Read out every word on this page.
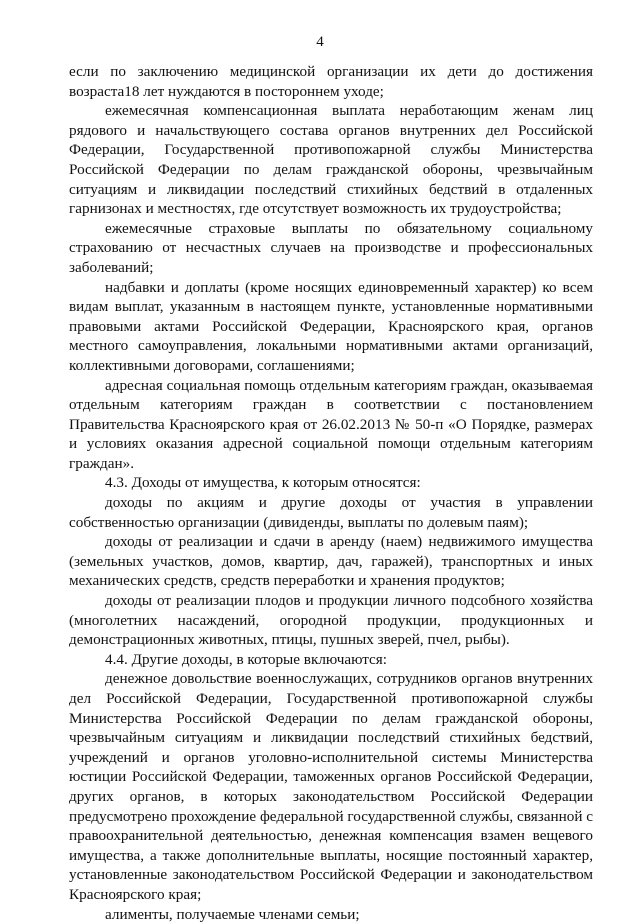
4

если по заключению медицинской организации их дети до достижения возраста18 лет нуждаются в постороннем уходе;

ежемесячная компенсационная выплата неработающим женам лиц рядового и начальствующего состава органов внутренних дел Российской Федерации, Государственной противопожарной службы Министерства Российской Федерации по делам гражданской обороны, чрезвычайным ситуациям и ликвидации последствий стихийных бедствий в отдаленных гарнизонах и местностях, где отсутствует возможность их трудоустройства;

ежемесячные страховые выплаты по обязательному социальному страхованию от несчастных случаев на производстве и профессиональных заболеваний;

надбавки и доплаты (кроме носящих единовременный характер) ко всем видам выплат, указанным в настоящем пункте, установленные нормативными правовыми актами Российской Федерации, Красноярского края, органов местного самоуправления, локальными нормативными актами организаций, коллективными договорами, соглашениями;

адресная социальная помощь отдельным категориям граждан, оказываемая отдельным категориям граждан в соответствии с постановлением Правительства Красноярского края от 26.02.2013 № 50-п «О Порядке, размерах и условиях оказания адресной социальной помощи отдельным категориям граждан».

4.3. Доходы от имущества, к которым относятся:

доходы по акциям и другие доходы от участия в управлении собственностью организации (дивиденды, выплаты по долевым паям);

доходы от реализации и сдачи в аренду (наем) недвижимого имущества (земельных участков, домов, квартир, дач, гаражей), транспортных и иных механических средств, средств переработки и хранения продуктов;

доходы от реализации плодов и продукции личного подсобного хозяйства (многолетних насаждений, огородной продукции, продукционных и демонстрационных животных, птицы, пушных зверей, пчел, рыбы).

4.4. Другие доходы, в которые включаются:

денежное довольствие военнослужащих, сотрудников органов внутренних дел Российской Федерации, Государственной противопожарной службы Министерства Российской Федерации по делам гражданской обороны, чрезвычайным ситуациям и ликвидации последствий стихийных бедствий, учреждений и органов уголовно-исполнительной системы Министерства юстиции Российской Федерации, таможенных органов Российской Федерации, других органов, в которых законодательством Российской Федерации предусмотрено прохождение федеральной государственной службы, связанной с правоохранительной деятельностью, денежная компенсация взамен вещевого имущества, а также дополнительные выплаты, носящие постоянный характер, установленные законодательством Российской Федерации и законодательством Красноярского края;

алименты, получаемые членами семьи;
